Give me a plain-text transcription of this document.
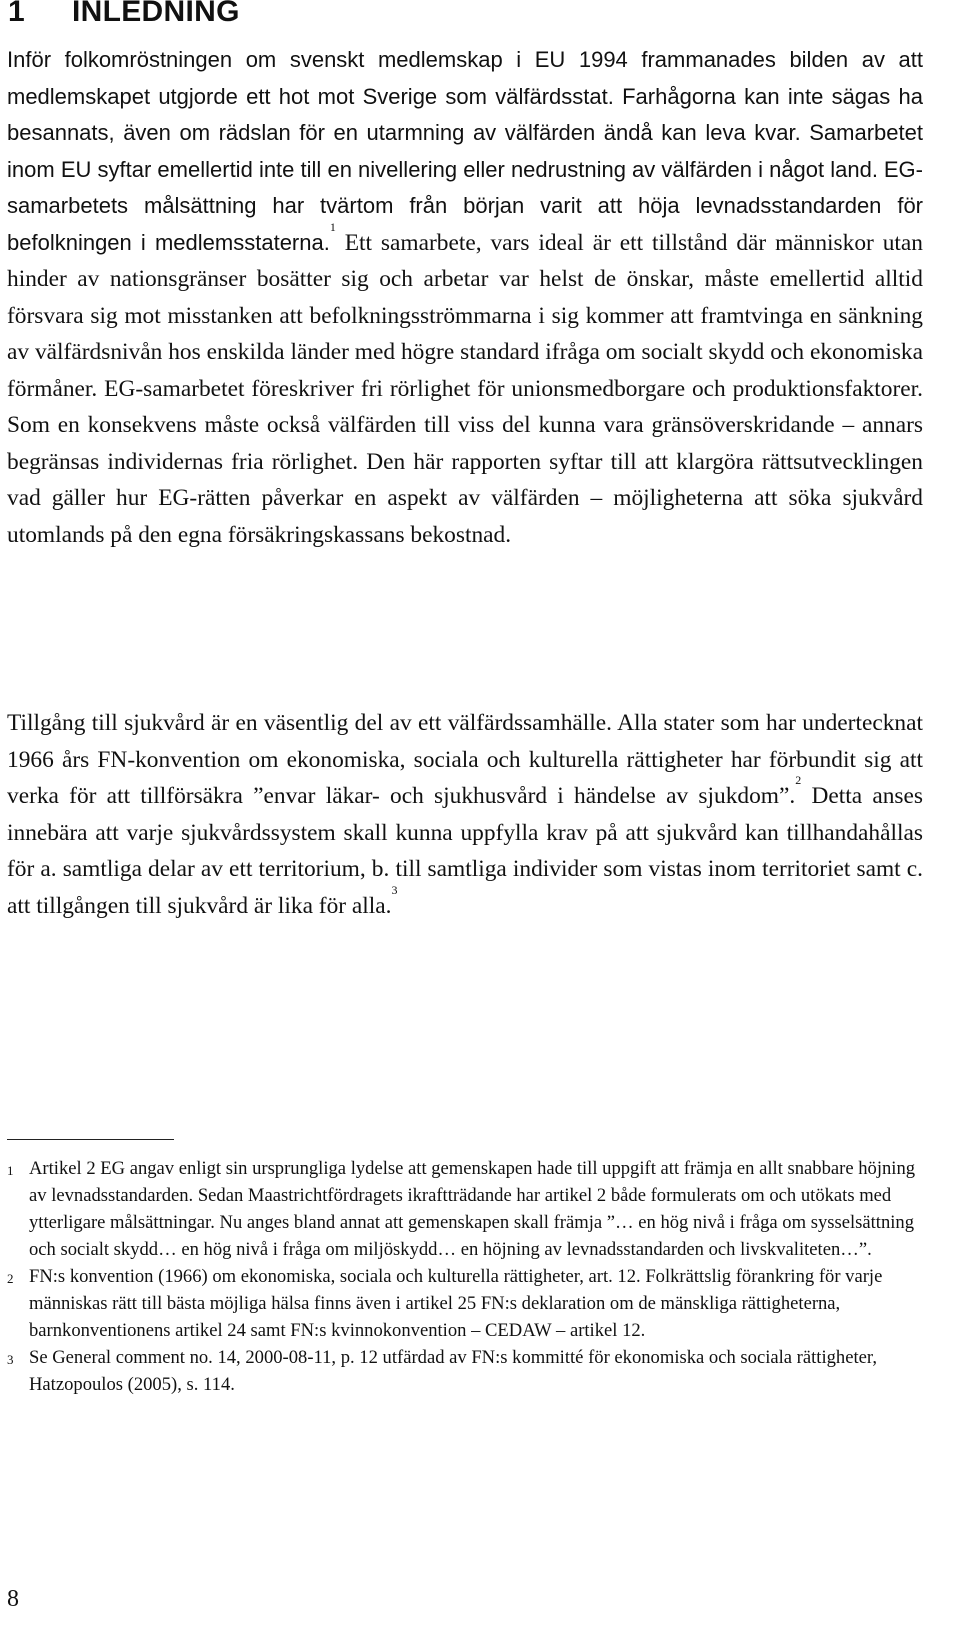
1 INLEDNING

Inför folkomröstningen om svenskt medlemskap i EU 1994 frammanades bilden av att medlemskapet utgjorde ett hot mot Sverige som välfärdsstat. Farhågorna kan inte sägas ha besannats, även om rädslan för en utarmning av välfärden ändå kan leva kvar. Samarbetet inom EU syftar emellertid inte till en nivellering eller nedrustning av välfärden i något land. EG-samarbetets målsättning har tvärtom från början varit att höja levnadsstandarden för befolkningen i medlemsstaterna.$^1$ Ett samarbete, vars ideal är ett tillstånd där människor utan hinder av nationsgränser bosätter sig och arbetar var helst de önskar, måste emellertid alltid försvara sig mot misstanken att befolkningsströmmarna i sig kommer att framtvinga en sänkning av välfärdsnivån hos enskilda länder med högre standard ifråga om socialt skydd och ekonomiska förmåner. EG-samarbetet föreskriver fri rörlighet för unionsmedborgare och produktionsfaktorer. Som en konsekvens måste också välfärden till viss del kunna vara gränsöverskridande – annars begränsas individernas fria rörlighet. Den här rapporten syftar till att klargöra rättsutvecklingen vad gäller hur EG-rätten påverkar en aspekt av välfärden – möjligheterna att söka sjukvård utomlands på den egna försäkringskassans bekostnad.

Tillgång till sjukvård är en väsentlig del av ett välfärdssamhälle. Alla stater som har undertecknat 1966 års FN-konvention om ekonomiska, sociala och kulturella rättigheter har förbundit sig att verka för att tillförsäkra ”envar läkar- och sjukhusvård i händelse av sjukdom”.$^2$ Detta anses innebära att varje sjukvårdssystem skall kunna uppfylla krav på att sjukvård kan tillhandahållas för a. samtliga delar av ett territorium, b. till samtliga individer som vistas inom territoriet samt c. att tillgången till sjukvård är lika för alla.$^3$

1 Artikel 2 EG angav enligt sin ursprungliga lydelse att gemenskapen hade till uppgift att främja en allt snabbare höjning av levnadsstandarden. Sedan Maastrichtfördragets ikraftträdande har artikel 2 både formulerats om och utökats med ytterligare målsättningar. Nu anges bland annat att gemenskapen skall främja ”… en hög nivå i fråga om sysselsättning och socialt skydd… en hög nivå i fråga om miljöskydd… en höjning av levnadsstandarden och livskvaliteten…”.

2 FN:s konvention (1966) om ekonomiska, sociala och kulturella rättigheter, art. 12. Folkrättslig förankring för varje människas rätt till bästa möjliga hälsa finns även i artikel 25 FN:s deklaration om de mänskliga rättigheterna, barnkonventionens artikel 24 samt FN:s kvinnokonvention – CEDAW – artikel 12.

3 Se General comment no. 14, 2000-08-11, p. 12 utfärdad av FN:s kommitté för ekonomiska och sociala rättigheter, Hatzopoulos (2005), s. 114.

8
